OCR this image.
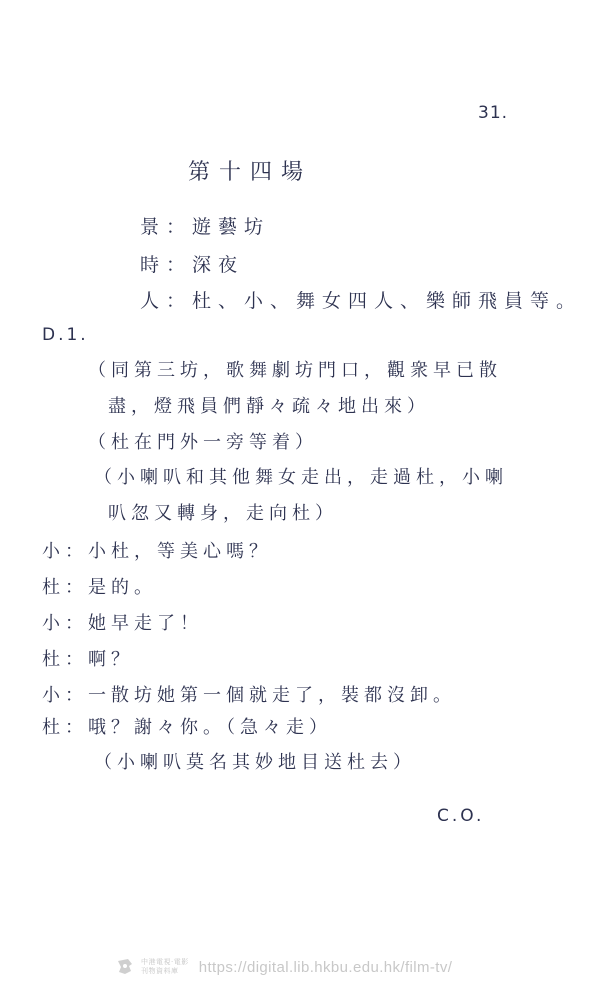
31.
第十四場
景：遊藝坊
時：深夜
人：杜、小、舞女四人、樂師飛員等。
D.1.
（同第三坊，歌舞劇坊門口，觀衆早已散
盡，燈飛員們靜々疏々地出來）
（杜在門外一旁等着）
（小喇叭和其他舞女走出，走過杜，小喇
叭忽又轉身，走向杜）
小：小杜，等美心嗎？
杜：是的。
小：她早走了！
杜：啊？
小：一散坊她第一個就走了，裝都沒卸。
杜：哦？謝々你。（急々走）
（小喇叭莫名其妙地目送杜去）
C.O.
中港電視·電影
刊物資料庫	https://digital.lib.hkbu.edu.hk/film-tv/
